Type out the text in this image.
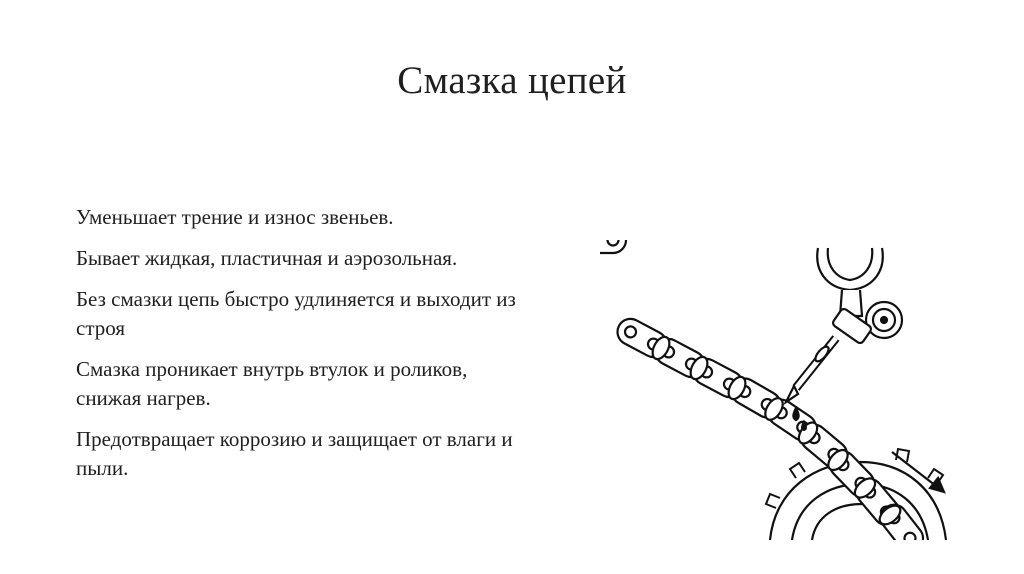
Смазка цепей
Уменьшает трение и износ звеньев.
Бывает жидкая, пластичная и аэрозольная.
Без смазки цепь быстро удлиняется и выходит из строя
Смазка проникает внутрь втулок и роликов, снижая нагрев.
Предотвращает коррозию и защищает от влаги и пыли.
